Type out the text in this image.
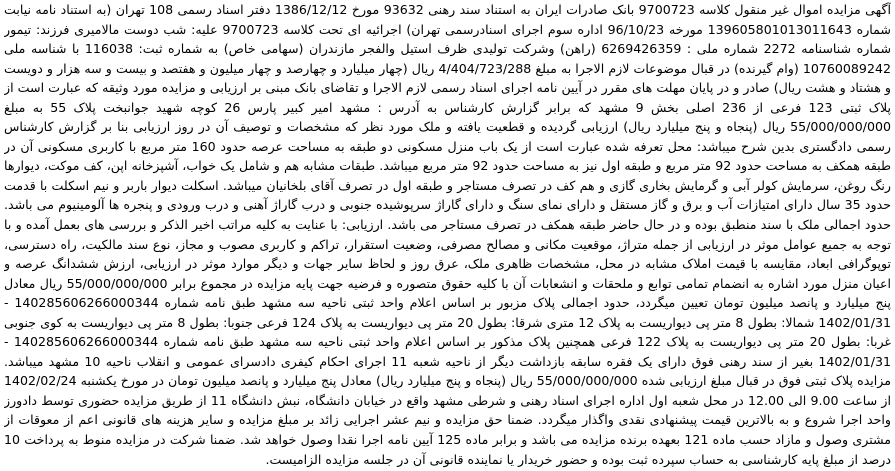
آگهی مزایده اموال غیر منقول کلاسه 9700723 بانک صادرات ایران به استناد سند رهنی 93632 مورخ 1386/12/12 دفتر اسناد رسمی 108 تهران (به استناد نامه نیابت شماره 139605801013011643 مورخه 96/10/23 اداره سوم اجرای اسنادرسمی تهران) اجرائیه ای تحت کلاسه 9700723 علیه: شب دوست مالامیری فرزند: تیمور شماره شناسنامه 2272 شماره ملی : 6269426359 (راهن) وشرکت تولیدی ظرف استیل والفجر مازندران (سهامی خاص) به شماره ثبت: 116038 با شناسه ملی 10760089242 (وام گیرنده) در قبال موضوعات لازم الاجرا به مبلغ 4/404/723/288 ریال (چهار میلیارد و چهارصد و چهار میلیون و هفتصد و بیست و سه هزار و دویست و هشتاد و هشت ریال) صادر و در پایان مهلت های مقرر در آیین نامه اجرای اسناد رسمی لازم الاجرا و تقاضای بانک مبنی بر ارزیابی و مزایده مورد وثیقه که عبارت است از پلاک ثبتی 123 فرعی از 236 اصلی بخش 9 مشهد که برابر گزارش کارشناس به آدرس : مشهد امیر کبیر پارس 26 کوچه شهید جوانبخت پلاک 55 به مبلغ 55/000/000/000 ریال (پنجاه و پنج میلیارد ریال) ارزیابی گردیده و قطعیت یافته و ملک مورد نظر که مشخصات و توصیف آن در روز ارزیابی بنا بر گزارش کارشناس رسمی دادگستری بدین شرح میباشد: محل تعرفه شده عبارت است از یک باب منزل مسکونی دو طبقه به مساحت عرصه حدود 160 متر مربع با کاربری مسکونی آن در طبقه همکف به مساحت حدود 92 متر مربع و طبقه اول نیز به مساحت حدود 92 متر مربع میباشد. طبقات مشابه هم و شامل یک خواب، آشپزخانه اپن، کف موکت، دیوارها رنگ روغن، سرمایش کولر آبی و گرمایش بخاری گازی و هم کف در تصرف مستاجر و طبقه اول در تصرف آقای بلخانیان میباشد. اسکلت دیوار باربر و نیم اسکلت با قدمت حدود 35 سال دارای امتیازات آب و برق و گاز مستقل و دارای نمای سنگ و دارای گاراژ سرپوشیده جنوبی و درب گاراژ آهنی و درب ورودی و پنجره ها آلومینیوم می باشد. حدود اجمالی ملک با سند منطبق بوده و در حال حاضر طبقه همکف در تصرف مستاجر می باشد. ارزیابی: با عنایت به کلیه مراتب اخیر الذکر و بررسی های بعمل آمده و با توجه به جمیع عوامل موثر در ارزیابی از جمله متراژ، موقعیت مکانی و مصالح مصرفی، وضعیت استقرار، تراکم و کاربری مصوب و مجاز، نوع سند مالکیت، راه دسترسی، توپوگرافی ابعاد، مقایسه با قیمت املاک مشابه در محل، مشخصات ظاهری ملک، عرق روز و لحاظ سایر جهات و دیگر موارد موثر در ارزیابی، ارزش ششدانگ عرصه و اعیان منزل مورد اشاره به انضمام تمامی توابع و ملحقات و انشعابات آن با کلیه حقوق متصوره و فرضیه جهت پایه مزایده در مجموع برابر 55/000/000/000 ریال معادل پنج میلیارد و پانصد میلیون تومان تعیین میگردد، حدود اجمالی پلاک مزبور بر اساس اعلام واحد ثبتی ناحیه سه مشهد طبق نامه شماره 140285606266000344 - 1402/01/31 شمالا: بطول 8 متر پی دیواریست به پلاک 12 متری شرقا: بطول 20 متر پی دیواریست به پلاک 124 فرعی جنوبا: بطول 8 متر پی دیواریست به کوی جنوبی غربا: بطول 20 متر پی دیواریست به پلاک 122 فرعی همچنین پلاک مذکور بر اساس اعلام واحد ثبتی ناحیه سه مشهد طبق نامه شماره 140285606266000344 - 1402/01/31 بغیر از سند رهنی فوق دارای یک فقره سابقه بازداشت دیگر از ناحیه شعبه 11 اجرای احکام کیفری دادسرای عمومی و انقلاب ناحیه 10 مشهد میباشد. مزایده پلاک ثبتی فوق در قبال مبلغ ارزیابی شده 55/000/000/000 ریال (پنجاه و پنج میلیارد ریال) معادل پنج میلیارد و پانصد میلیون تومان در مورخ یکشنبه 1402/02/24 از ساعت 9.00 الی 12.00 در محل شعبه اول اداره اجرای اسناد رهنی و شرطی مشهد واقع در خیابان دانشگاه، نبش دانشگاه 11 از طریق مزایده حضوری توسط دادورز واحد اجرا شروع و به بالاترین قیمت پیشنهادی نقدی واگذار میگردد. ضمنا حق مزایده و نیم عشر اجرایی زائد بر مبلغ مزایده و سایر هزینه های قانونی اعم از معوقات از مشتری وصول و مازاد حسب ماده 121 بعهده برنده مزایده می باشد و برابر ماده 125 آیین نامه اجرا نقدا وصول خواهد شد. ضمنا شرکت در مزایده منوط به پرداخت 10 درصد از مبلغ پایه کارشناسی به حساب سپرده ثبت بوده و حضور خریدار یا نماینده قانونی آن در جلسه مزایده الزامیست.
